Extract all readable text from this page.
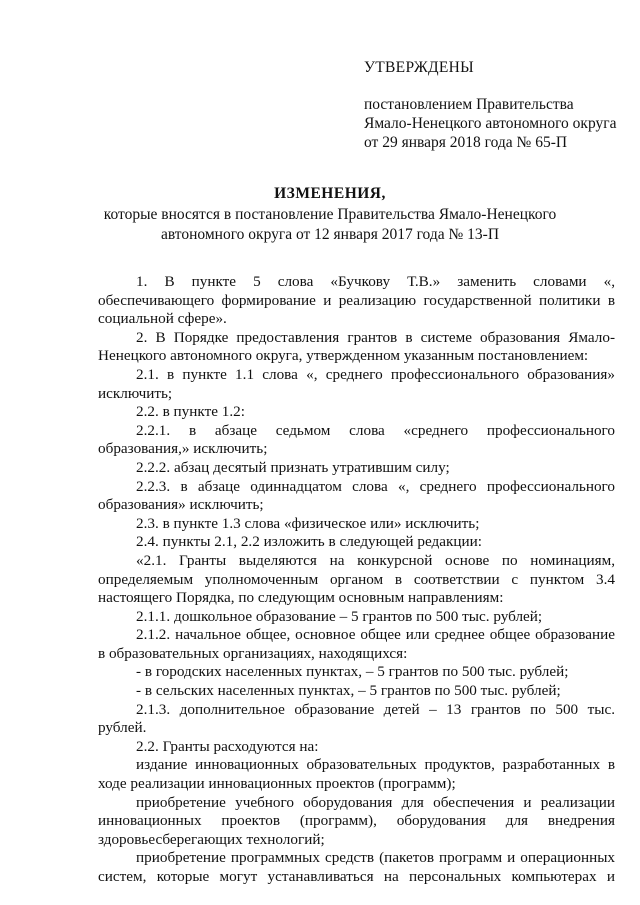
УТВЕРЖДЕНЫ
постановлением Правительства
Ямало-Ненецкого автономного округа
от 29 января 2018 года № 65-П
ИЗМЕНЕНИЯ,
которые вносятся в постановление Правительства Ямало-Ненецкого
автономного округа от 12 января 2017 года № 13-П

1. В пункте 5 слова «Бучкову Т.В.» заменить словами «, обеспечивающего формирование и реализацию государственной политики в социальной сфере».

2. В Порядке предоставления грантов в системе образования Ямало-Ненецкого автономного округа, утвержденном указанным постановлением:

2.1. в пункте 1.1 слова «, среднего профессионального образования» исключить;

2.2. в пункте 1.2:

2.2.1. в абзаце седьмом слова «среднего профессионального образования,» исключить;

2.2.2. абзац десятый признать утратившим силу;

2.2.3. в абзаце одиннадцатом слова «, среднего профессионального образования» исключить;

2.3. в пункте 1.3 слова «физическое или» исключить;

2.4. пункты 2.1, 2.2 изложить в следующей редакции:

«2.1. Гранты выделяются на конкурсной основе по номинациям, определяемым уполномоченным органом в соответствии с пунктом 3.4 настоящего Порядка, по следующим основным направлениям:

2.1.1. дошкольное образование – 5 грантов по 500 тыс. рублей;

2.1.2. начальное общее, основное общее или среднее общее образование в образовательных организациях, находящихся:

- в городских населенных пунктах, – 5 грантов по 500 тыс. рублей;

- в сельских населенных пунктах, – 5 грантов по 500 тыс. рублей;

2.1.3. дополнительное образование детей – 13 грантов по 500 тыс. рублей.

2.2. Гранты расходуются на:

издание инновационных образовательных продуктов, разработанных в ходе реализации инновационных проектов (программ);

приобретение учебного оборудования для обеспечения и реализации инновационных проектов (программ), оборудования для внедрения здоровьесберегающих технологий;

приобретение программных средств (пакетов программ и операционных систем, которые могут устанавливаться на персональных компьютерах и
